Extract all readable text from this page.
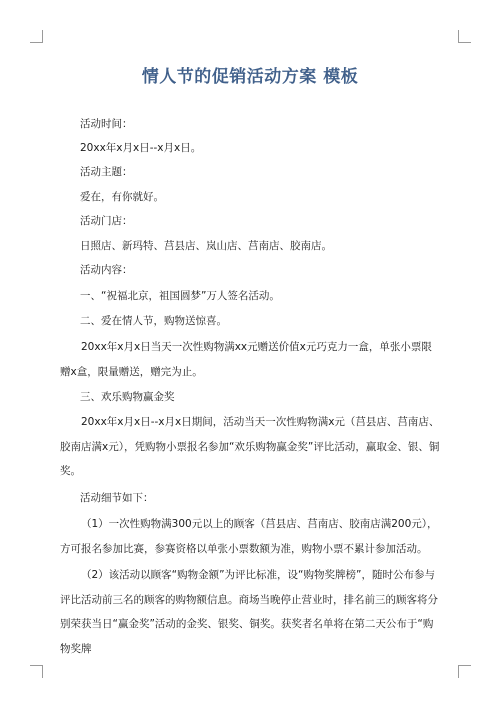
情人节的促销活动方案 模板

活动时间：

20xx年x月x日--x月x日。

活动主题：

爱在，有你就好。

活动门店：

日照店、新玛特、莒县店、岚山店、莒南店、胶南店。

活动内容：

一、“祝福北京，祖国圆梦”万人签名活动。

二、爱在情人节，购物送惊喜。

20xx年x月x日当天一次性购物满xx元赠送价值x元巧克力一盒，单张小票限赠x盒，限量赠送，赠完为止。

三、欢乐购物赢金奖

20xx年x月x日--x月x日期间，活动当天一次性购物满x元（莒县店、莒南店、胶南店满x元），凭购物小票报名参加“欢乐购物赢金奖”评比活动，赢取金、银、铜奖。

活动细节如下：

（1）一次性购物满300元以上的顾客（莒县店、莒南店、胶南店满200元），方可报名参加比赛，参赛资格以单张小票数额为准，购物小票不累计参加活动。

（2）该活动以顾客“购物金额”为评比标准，设“购物奖牌榜”，随时公布参与评比活动前三名的顾客的购物额信息。商场当晚停止营业时，排名前三的顾客将分别荣获当日“赢金奖”活动的金奖、银奖、铜奖。获奖者名单将在第二天公布于“购物奖牌
